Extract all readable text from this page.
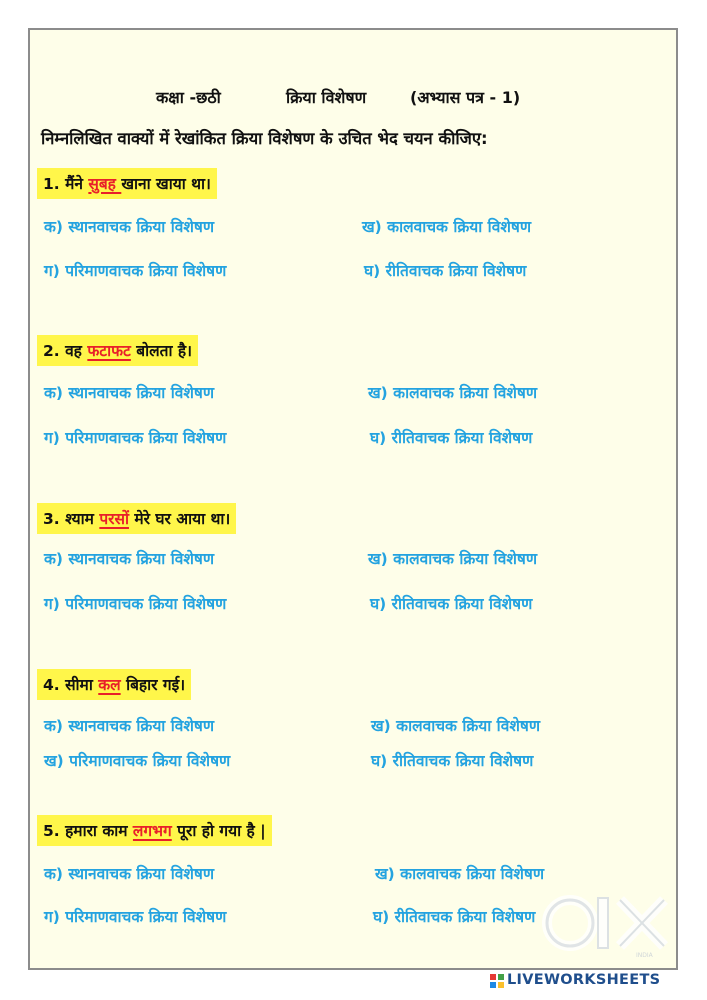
कक्षा -छठी	क्रिया विशेषण	(अभ्यास पत्र - 1)
निम्नलिखित वाक्यों में रेखांकित क्रिया विशेषण के उचित भेद चयन कीजिए:
1. मैंने सुबह खाना खाया था।
क) स्थानवाचक क्रिया विशेषण	ख) कालवाचक क्रिया विशेषण
ग) परिमाणवाचक क्रिया विशेषण	घ) रीतिवाचक क्रिया विशेषण
2. वह फटाफट बोलता है।
क) स्थानवाचक क्रिया विशेषण	ख) कालवाचक क्रिया विशेषण
ग) परिमाणवाचक क्रिया विशेषण	घ) रीतिवाचक क्रिया विशेषण
3. श्याम परसों मेरे घर आया था।
क) स्थानवाचक क्रिया विशेषण	ख) कालवाचक क्रिया विशेषण
ग) परिमाणवाचक क्रिया विशेषण	घ) रीतिवाचक क्रिया विशेषण
4. सीमा कल बिहार गई।
क) स्थानवाचक क्रिया विशेषण	ख) कालवाचक क्रिया विशेषण
ख) परिमाणवाचक क्रिया विशेषण	घ) रीतिवाचक क्रिया विशेषण
5. हमारा काम लगभग पूरा हो गया है |
क) स्थानवाचक क्रिया विशेषण	ख) कालवाचक क्रिया विशेषण
ग) परिमाणवाचक क्रिया विशेषण	घ) रीतिवाचक क्रिया विशेषण
INDIA
LIVEWORKSHEETS
